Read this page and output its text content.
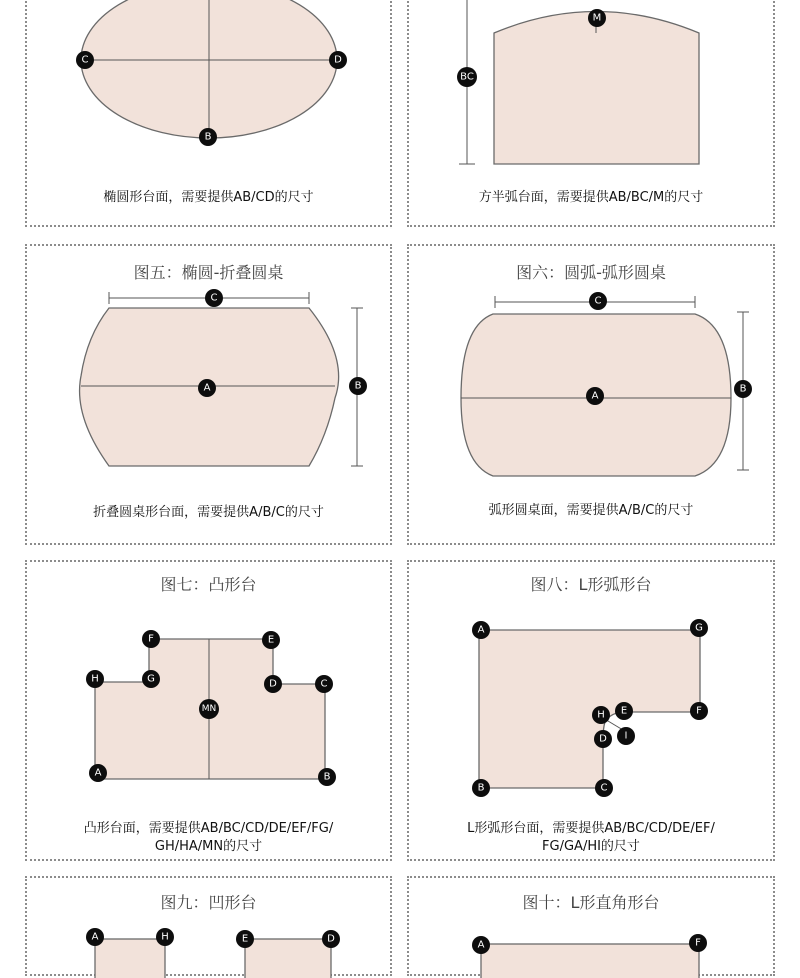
C	D
B
椭圆形台面，需要提供AB/CD的尺寸
M
BC
方半弧台面，需要提供AB/BC/M的尺寸
图五：椭圆-折叠圆桌
C
A	B
折叠圆桌形台面，需要提供A/B/C的尺寸
图六：圆弧-弧形圆桌
C
A
B
弧形圆桌面，需要提供A/B/C的尺寸
图七：凸形台
F	E
H	G	D	C
MN
A	B
凸形台面，需要提供AB/BC/CD/DE/EF/FG/
GH/HA/MN的尺寸
图八：L形弧形台
A	G
H E	F
I
D
B	C
L形弧形台面，需要提供AB/BC/CD/DE/EF/
FG/GA/HI的尺寸
图九：凹形台
A	H	E	D
图十：L形直角形台
A	F
